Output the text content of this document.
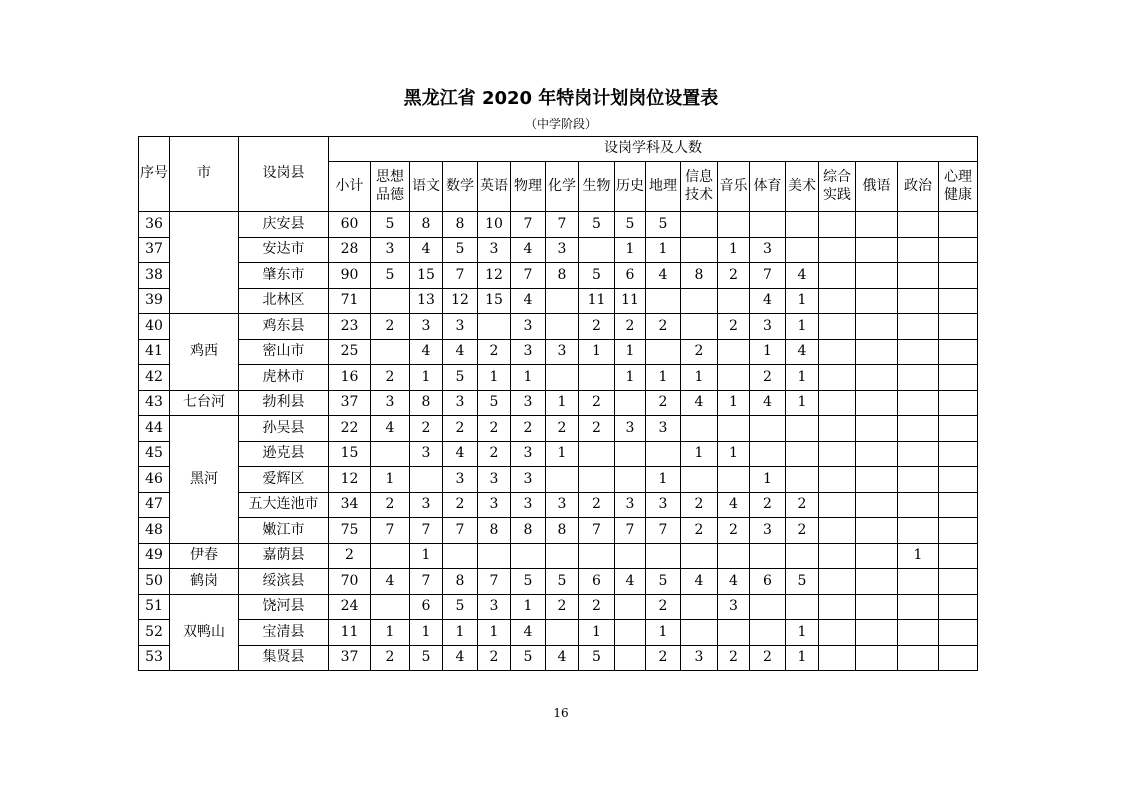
黑龙江省 2020 年特岗计划岗位设置表
（中学阶段）
序号	市	设岗县	设岗学科及人数																	
			小计	思想品德	语文	数学	英语	物理	化学	生物	历史	地理	信息技术	音乐	体育	美术	综合实践	俄语	政治	心理健康
36		庆安县	60	5	8	8	10	7	7	5	5	5								
37		安达市	28	3	4	5	3	4	3		1	1		1	3					
38		肇东市	90	5	15	7	12	7	8	5	6	4	8	2	7	4				
39		北林区	71		13	12	15	4		11	11				4	1				
40	鸡西	鸡东县	23	2	3	3		3		2	2	2		2	3	1				
41		密山市	25		4	4	2	3	3	1	1		2		1	4				
42		虎林市	16	2	1	5	1	1			1	1	1		2	1				
43	七台河	勃利县	37	3	8	3	5	3	1	2		2	4	1	4	1				
44	黑河	孙吴县	22	4	2	2	2	2	2	2	3	3								
45		逊克县	15		3	4	2	3	1				1	1						
46		爱辉区	12	1		3	3	3				1			1					
47		五大连池市	34	2	3	2	3	3	3	2	3	3	2	4	2	2				
48		嫩江市	75	7	7	7	8	8	8	7	7	7	2	2	3	2				
49	伊春	嘉荫县	2		1														1	
50	鹤岗	绥滨县	70	4	7	8	7	5	5	6	4	5	4	4	6	5				
51	双鸭山	饶河县	24		6	5	3	1	2	2		2		3						
52		宝清县	11	1	1	1	1	4		1		1				1				
53		集贤县	37	2	5	4	2	5	4	5		2	3	2	2	1				
16
